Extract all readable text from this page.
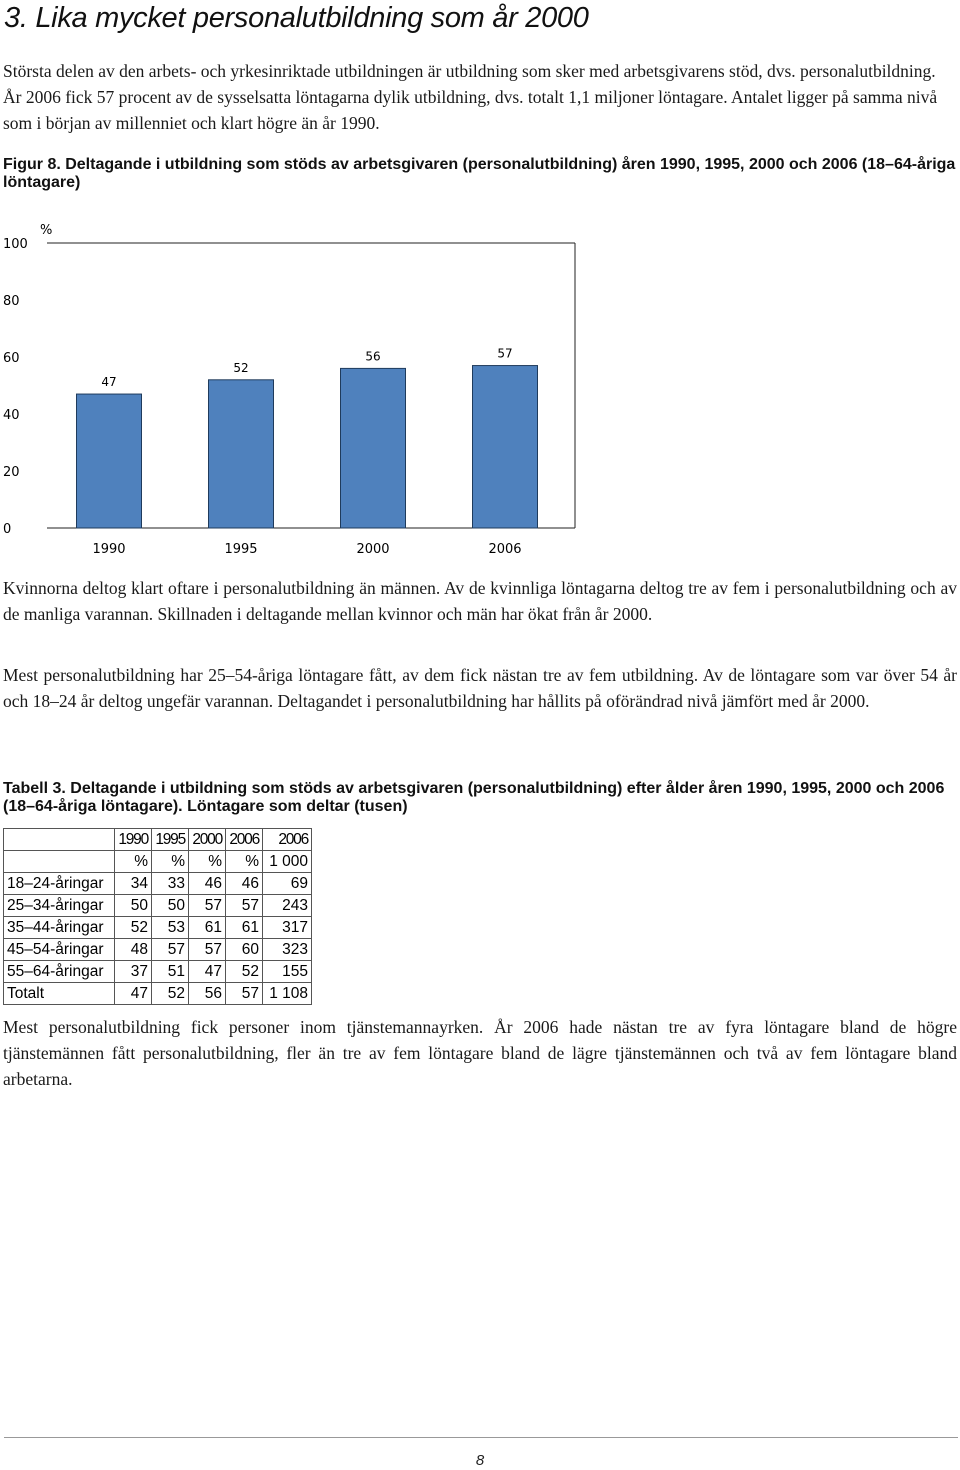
3. Lika mycket personalutbildning som år 2000

Största delen av den arbets- och yrkesinriktade utbildningen är utbildning som sker med arbetsgivarens stöd, dvs. personalutbildning. År 2006 fick 57 procent av de sysselsatta löntagarna dylik utbildning, dvs. totalt 1,1 miljoner löntagare. Antalet ligger på samma nivå som i början av millenniet och klart högre än år 1990.

Figur 8. Deltagande i utbildning som stöds av arbetsgivaren (personalutbildning) åren 1990, 1995, 2000 och 2006 (18–64-åriga löntagare)

%
100
80
60
40
20
0
47
1990
52
1995
56
2000
57
2006

Kvinnorna deltog klart oftare i personalutbildning än männen. Av de kvinnliga löntagarna deltog tre av fem i personalutbildning och av de manliga varannan. Skillnaden i deltagande mellan kvinnor och män har ökat från år 2000.

Mest personalutbildning har 25–54-åriga löntagare fått, av dem fick nästan tre av fem utbildning. Av de löntagare som var över 54 år och 18–24 år deltog ungefär varannan. Deltagandet i personalutbildning har hållits på oförändrad nivå jämfört med år 2000.

Tabell 3. Deltagande i utbildning som stöds av arbetsgivaren (personalutbildning) efter ålder åren 1990, 1995, 2000 och 2006 (18–64-åriga löntagare). Löntagare som deltar (tusen)

	1990	1995	2000	2006	2006
	%	%	%	%	1 000
18–24-åringar	34	33	46	46	69
25–34-åringar	50	50	57	57	243
35–44-åringar	52	53	61	61	317
45–54-åringar	48	57	57	60	323
55–64-åringar	37	51	47	52	155
Totalt	47	52	56	57	1 108

Mest personalutbildning fick personer inom tjänstemannayrken. År 2006 hade nästan tre av fyra löntagare bland de högre tjänstemännen fått personalutbildning, fler än tre av fem löntagare bland de lägre tjänstemännen och två av fem löntagare bland arbetarna.

8
